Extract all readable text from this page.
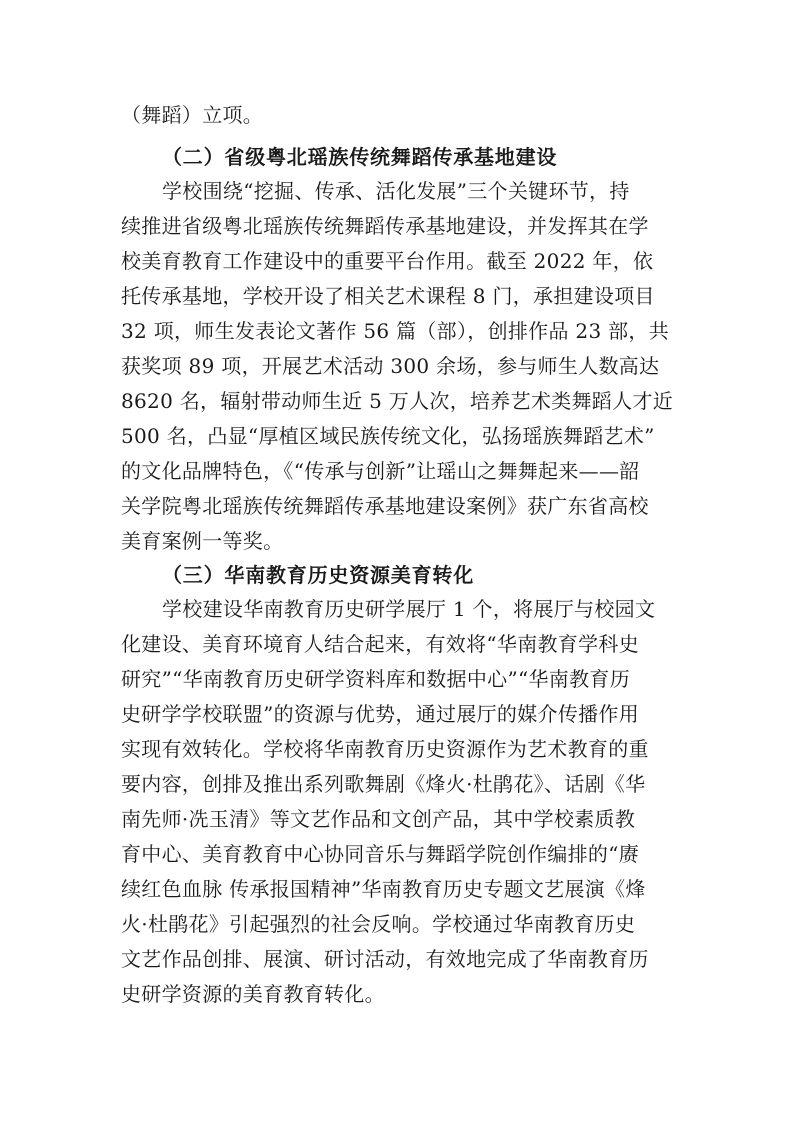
（舞蹈）立项。
（二）省级粤北瑶族传统舞蹈传承基地建设
学校围绕“挖掘、传承、活化发展”三个关键环节，持
续推进省级粤北瑶族传统舞蹈传承基地建设，并发挥其在学
校美育教育工作建设中的重要平台作用。截至 2022 年，依
托传承基地，学校开设了相关艺术课程 8 门，承担建设项目
32 项，师生发表论文著作 56 篇（部），创排作品 23 部，共
获奖项 89 项，开展艺术活动 300 余场，参与师生人数高达
8620 名，辐射带动师生近 5 万人次，培养艺术类舞蹈人才近
500 名，凸显“厚植区域民族传统文化，弘扬瑶族舞蹈艺术”
的文化品牌特色，《“传承与创新”让瑶山之舞舞起来——韶
关学院粤北瑶族传统舞蹈传承基地建设案例》获广东省高校
美育案例一等奖。
（三）华南教育历史资源美育转化
学校建设华南教育历史研学展厅 1 个，将展厅与校园文
化建设、美育环境育人结合起来，有效将“华南教育学科史
研究”“华南教育历史研学资料库和数据中心”“华南教育历
史研学学校联盟”的资源与优势，通过展厅的媒介传播作用
实现有效转化。学校将华南教育历史资源作为艺术教育的重
要内容，创排及推出系列歌舞剧《烽火·杜鹃花》、话剧《华
南先师·冼玉清》等文艺作品和文创产品，其中学校素质教
育中心、美育教育中心协同音乐与舞蹈学院创作编排的“赓
续红色血脉 传承报国精神”华南教育历史专题文艺展演《烽
火·杜鹃花》引起强烈的社会反响。学校通过华南教育历史
文艺作品创排、展演、研讨活动，有效地完成了华南教育历
史研学资源的美育教育转化。
